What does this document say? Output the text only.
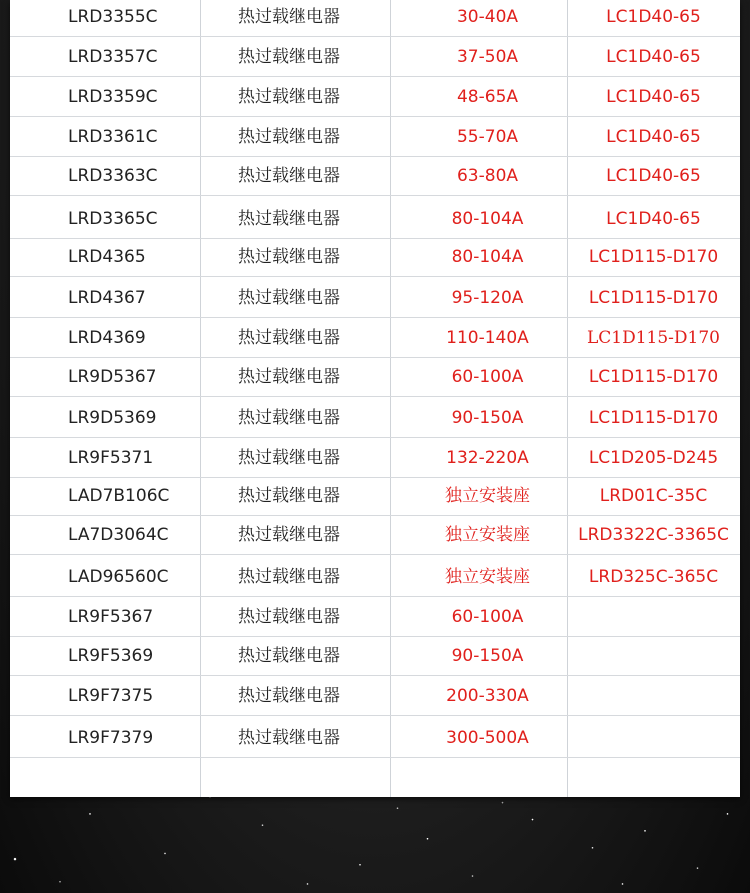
LRD3355C	热过载继电器	30-40A	LC1D40-65
LRD3357C	热过载继电器	37-50A	LC1D40-65
LRD3359C	热过载继电器	48-65A	LC1D40-65
LRD3361C	热过载继电器	55-70A	LC1D40-65
LRD3363C	热过载继电器	63-80A	LC1D40-65
LRD3365C	热过载继电器	80-104A	LC1D40-65
LRD4365	热过载继电器	80-104A	LC1D115-D170
LRD4367	热过载继电器	95-120A	LC1D115-D170
LRD4369	热过载继电器	110-140A	LC1D115-D170
LR9D5367	热过载继电器	60-100A	LC1D115-D170
LR9D5369	热过载继电器	90-150A	LC1D115-D170
LR9F5371	热过载继电器	132-220A	LC1D205-D245
LAD7B106C	热过载继电器	独立安装座	LRD01C-35C
LA7D3064C	热过载继电器	独立安装座	LRD3322C-3365C
LAD96560C	热过载继电器	独立安装座	LRD325C-365C
LR9F5367	热过载继电器	60-100A
LR9F5369	热过载继电器	90-150A
LR9F7375	热过载继电器	200-330A
LR9F7379	热过载继电器	300-500A
